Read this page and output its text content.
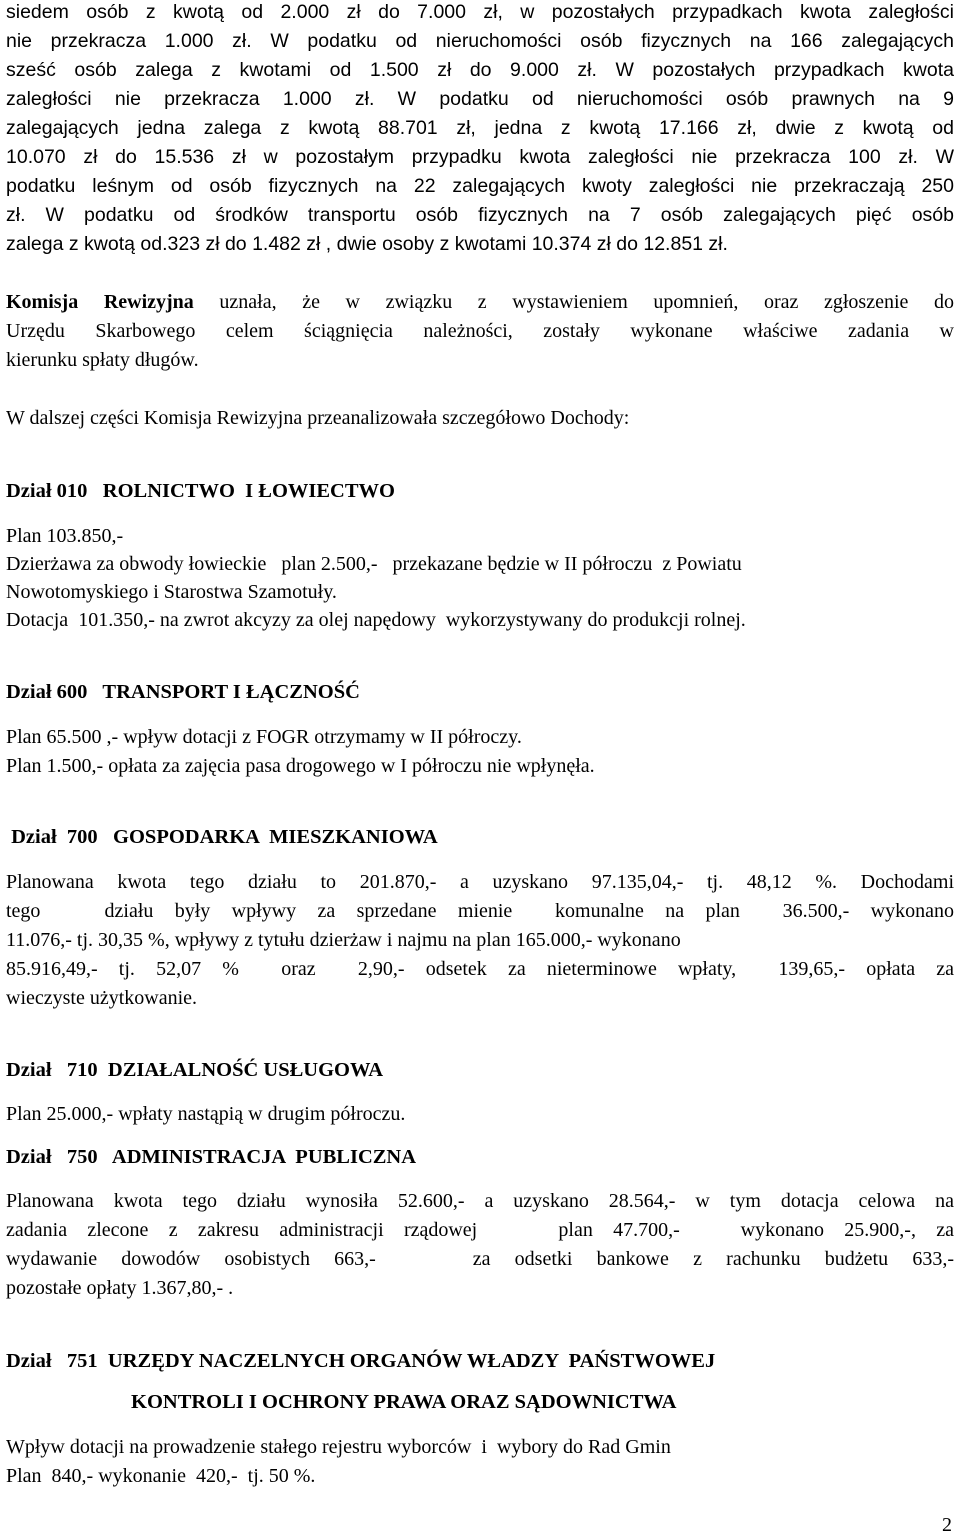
siedem osób z kwotą od 2.000 zł do 7.000 zł, w pozostałych przypadkach kwota zaległości
nie przekracza 1.000 zł. W podatku od nieruchomości osób fizycznych na 166 zalegających
sześć osób zalega z kwotami od 1.500 zł do 9.000 zł. W pozostałych przypadkach kwota
zaległości nie przekracza 1.000 zł. W podatku od nieruchomości osób prawnych na 9
zalegających jedna zalega z kwotą 88.701 zł, jedna z kwotą 17.166 zł, dwie z kwotą od
10.070 zł do 15.536 zł w pozostałym przypadku kwota zaległości nie przekracza 100 zł. W
podatku leśnym od osób fizycznych na 22 zalegających kwoty zaległości nie przekraczają 250
zł. W podatku od środków transportu osób fizycznych na 7 osób zalegających pięć osób
zalega z kwotą od.323 zł do 1.482 zł , dwie osoby z kwotami 10.374 zł do 12.851 zł.
Komisja Rewizyjna uznała, że w związku z wystawieniem upomnień, oraz zgłoszenie do
Urzędu Skarbowego celem ściągnięcia należności, zostały wykonane właściwe zadania w
kierunku spłaty długów.
W dalszej części Komisja Rewizyjna przeanalizowała szczegółowo Dochody:
Dział 010   ROLNICTWO  I ŁOWIECTWO
Plan 103.850,-
Dzierżawa za obwody łowieckie   plan 2.500,-   przekazane będzie w II półroczu  z Powiatu
Nowotomyskiego i Starostwa Szamotuły.
Dotacja  101.350,- na zwrot akcyzy za olej napędowy  wykorzystywany do produkcji rolnej.
Dział 600   TRANSPORT I ŁĄCZNOŚĆ
Plan 65.500 ,- wpływ dotacji z FOGR otrzymamy w II półroczy.
Plan 1.500,- opłata za zajęcia pasa drogowego w I półroczu nie wpłynęła.
Dział  700   GOSPODARKA  MIESZKANIOWA
Planowana kwota tego działu to 201.870,- a uzyskano 97.135,04,- tj. 48,12 %. Dochodami
tego   działu były wpływy za sprzedane mienie  komunalne na plan  36.500,- wykonano
11.076,- tj. 30,35 %, wpływy z tytułu dzierżaw i najmu na plan 165.000,- wykonano
85.916,49,- tj. 52,07 %  oraz  2,90,- odsetek za nieterminowe wpłaty,  139,65,- opłata za
wieczyste użytkowanie.
Dział   710  DZIAŁALNOŚĆ USŁUGOWA
Plan 25.000,- wpłaty nastąpią w drugim półroczu.
Dział   750   ADMINISTRACJA  PUBLICZNA
Planowana kwota tego działu wynosiła 52.600,- a uzyskano 28.564,- w tym dotacja celowa na
zadania zlecone z zakresu administracji rządowej    plan 47.700,-   wykonano 25.900,-, za
wydawanie dowodów osobistych 663,-    za odsetki bankowe z rachunku budżetu 633,-
pozostałe opłaty 1.367,80,- .
Dział   751  URZĘDY NACZELNYCH ORGANÓW WŁADZY  PAŃSTWOWEJ
KONTROLI I OCHRONY PRAWA ORAZ SĄDOWNICTWA
Wpływ dotacji na prowadzenie stałego rejestru wyborców  i  wybory do Rad Gmin
Plan  840,- wykonanie  420,-  tj. 50 %.
2
